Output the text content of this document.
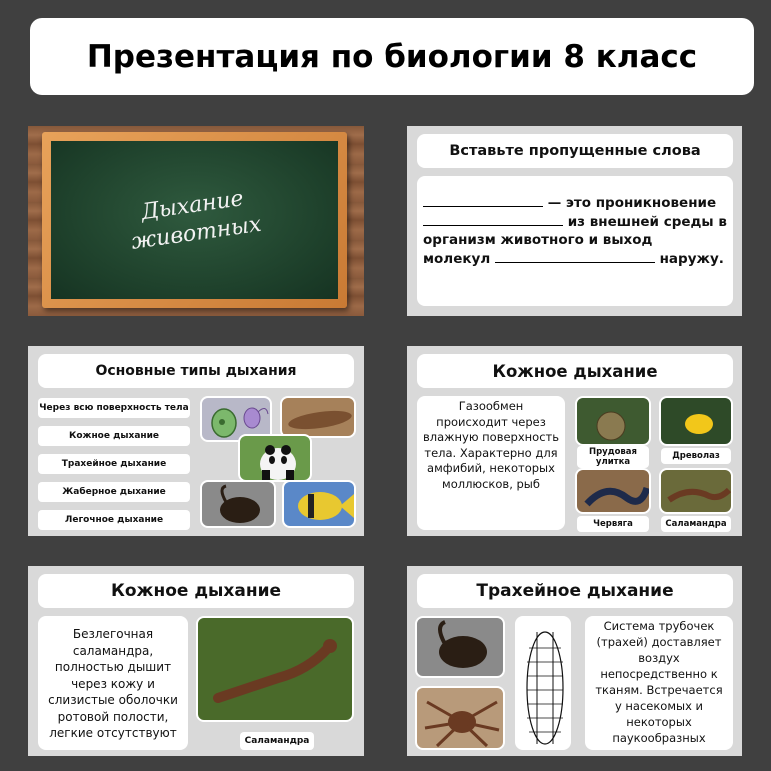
Презентация по биологии 8 класс
Дыхание
животных
Вставьте пропущенные слова
— это проникновение
из внешней среды в
организм животного и выход
молекул	наружу.
Основные типы дыхания
Через всю поверхность тела
Кожное дыхание
Трахейное дыхание
Жаберное дыхание
Легочное дыхание
Кожное дыхание
Газообмен происходит через влажную поверхность тела. Характерно для амфибий, некоторых моллюсков, рыб
Прудовая улитка
Древолаз
Червяга	Саламандра
Кожное дыхание
Безлегочная саламандра, полностью дышит через кожу и слизистые оболочки ротовой полости, легкие отсутствуют
Саламандра
Трахейное дыхание
Система трубочек (трахей) доставляет воздух непосредственно к тканям. Встречается у насекомых и некоторых паукообразных
